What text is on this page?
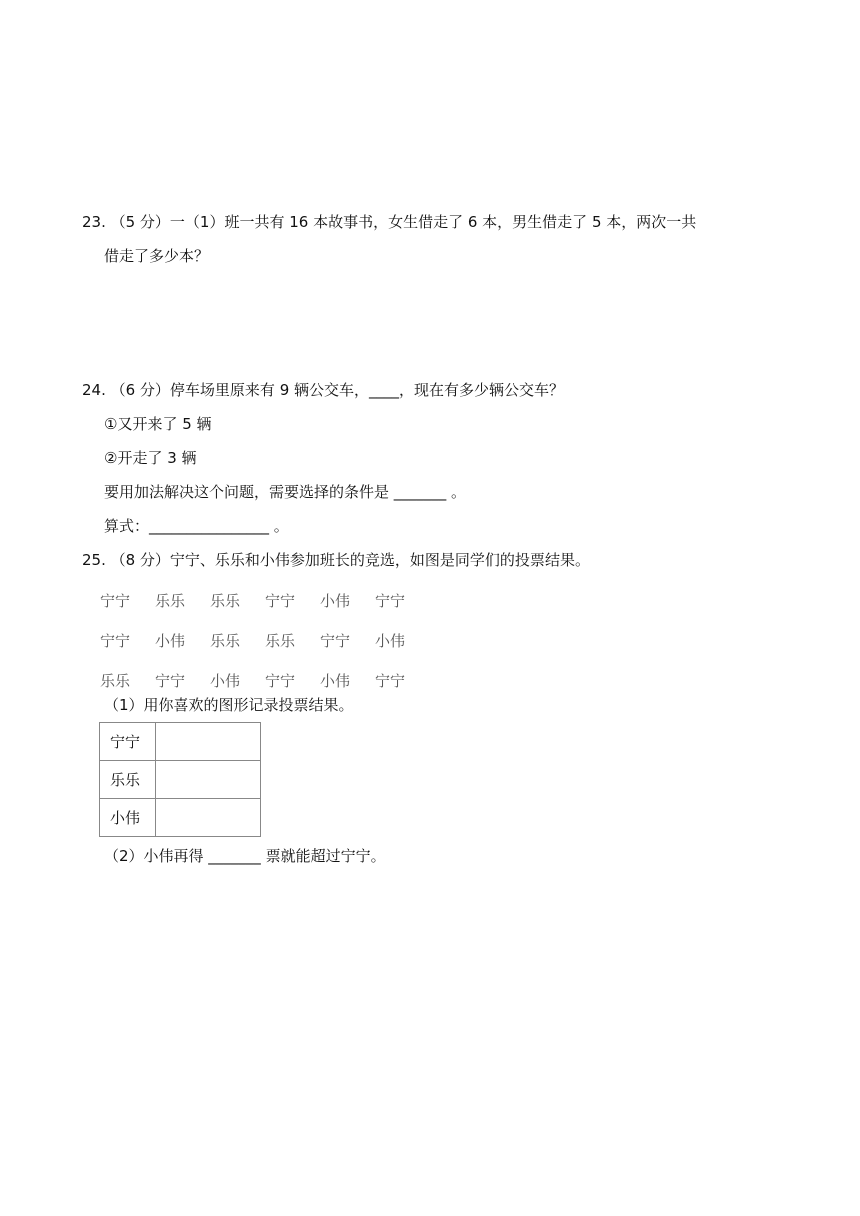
23. （5 分）一（1）班一共有 16 本故事书，女生借走了 6 本，男生借走了 5 本，两次一共
借走了多少本？
24. （6 分）停车场里原来有 9 辆公交车，____，现在有多少辆公交车？
①又开来了 5 辆
②开走了 3 辆
要用加法解决这个问题，需要选择的条件是 _______ 。
算式：________________ 。
25. （8 分）宁宁、乐乐和小伟参加班长的竞选，如图是同学们的投票结果。
宁宁	乐乐	乐乐	宁宁	小伟	宁宁
宁宁	小伟	乐乐	乐乐	宁宁	小伟
乐乐	宁宁	小伟	宁宁	小伟	宁宁
（1）用你喜欢的图形记录投票结果。
宁宁	
乐乐	
小伟	
（2）小伟再得 _______ 票就能超过宁宁。
